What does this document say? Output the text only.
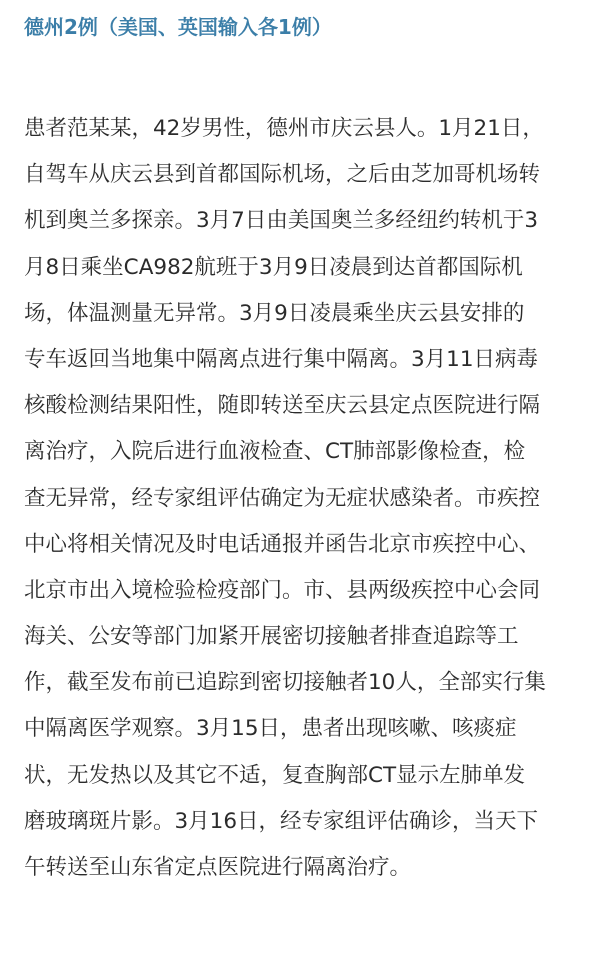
德州2例（美国、英国输入各1例）
患者范某某，42岁男性，德州市庆云县人。1月21日，
自驾车从庆云县到首都国际机场，之后由芝加哥机场转
机到奥兰多探亲。3月7日由美国奥兰多经纽约转机于3
月8日乘坐CA982航班于3月9日凌晨到达首都国际机
场，体温测量无异常。3月9日凌晨乘坐庆云县安排的
专车返回当地集中隔离点进行集中隔离。3月11日病毒
核酸检测结果阳性，随即转送至庆云县定点医院进行隔
离治疗，入院后进行血液检查、CT肺部影像检查，检
查无异常，经专家组评估确定为无症状感染者。市疾控
中心将相关情况及时电话通报并函告北京市疾控中心、
北京市出入境检验检疫部门。市、县两级疾控中心会同
海关、公安等部门加紧开展密切接触者排查追踪等工
作，截至发布前已追踪到密切接触者10人，全部实行集
中隔离医学观察。3月15日，患者出现咳嗽、咳痰症
状，无发热以及其它不适，复查胸部CT显示左肺单发
磨玻璃斑片影。3月16日，经专家组评估确诊，当天下
午转送至山东省定点医院进行隔离治疗。
